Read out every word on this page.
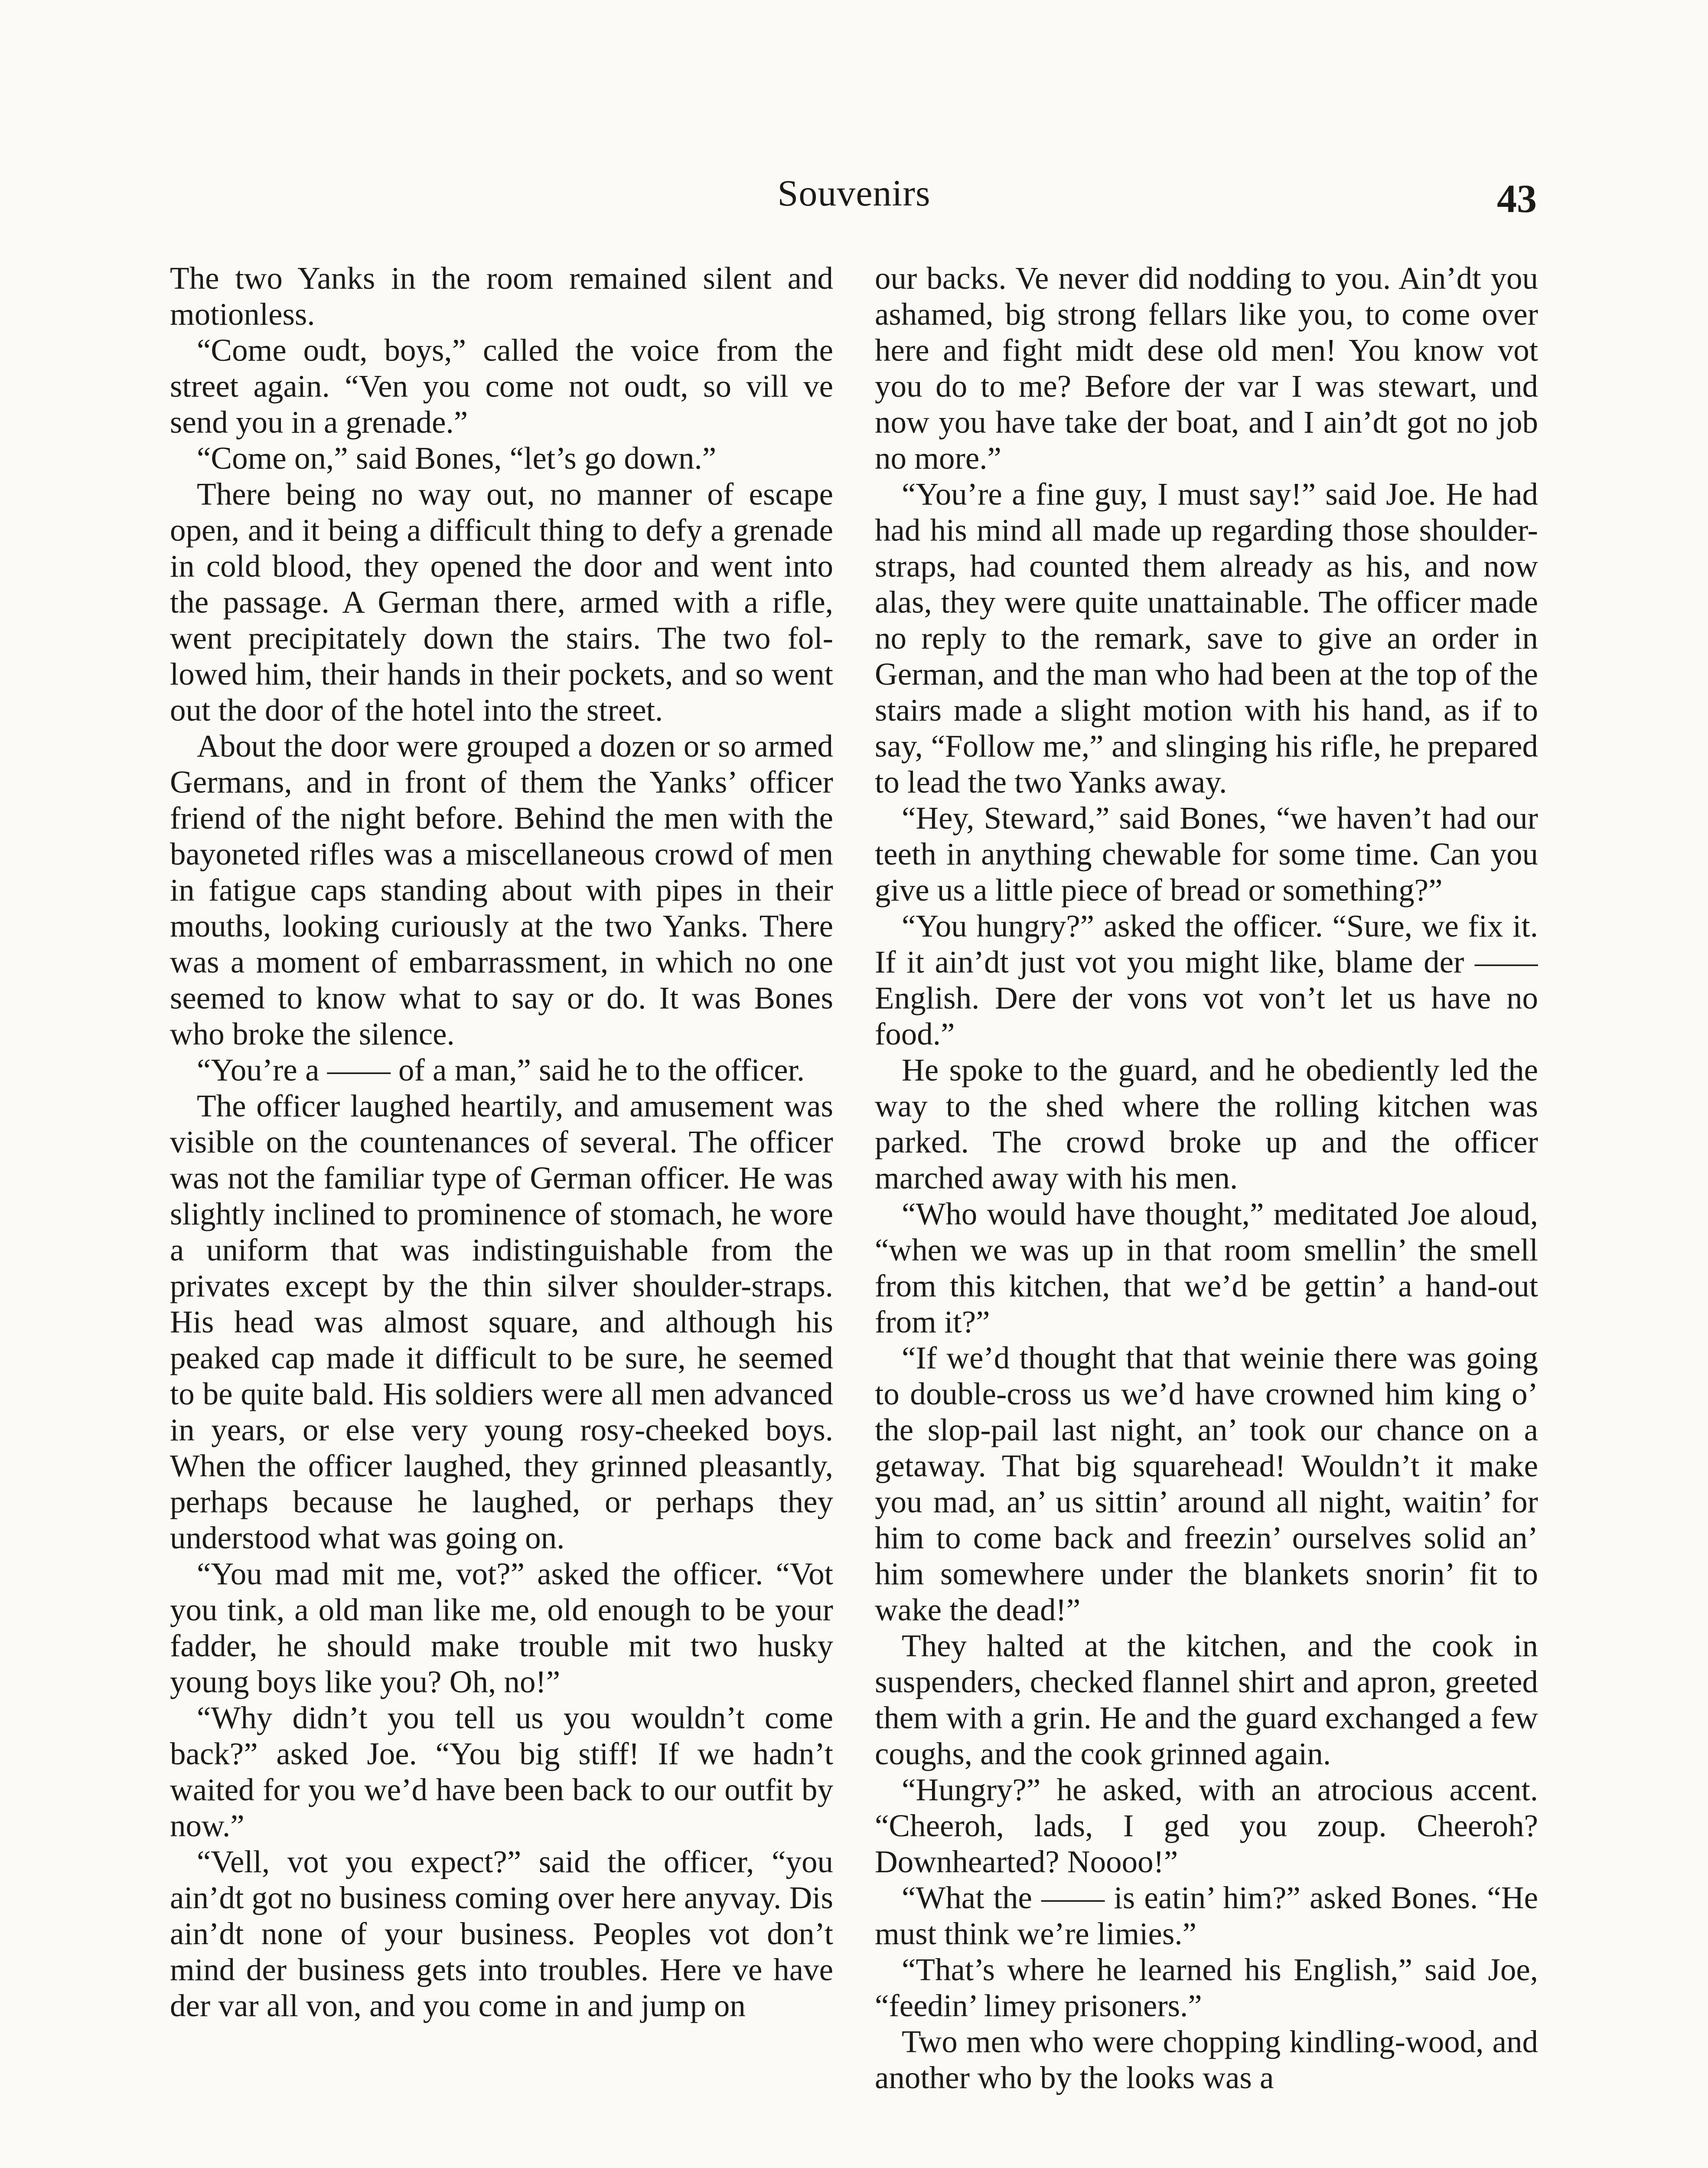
Souvenirs	43

The two Yanks in the room remained silent and motionless.

“Come oudt, boys,” called the voice from the street again. “Ven you come not oudt, so vill ve send you in a grenade.”

“Come on,” said Bones, “let’s go down.”

There being no way out, no manner of escape open, and it being a difficult thing to defy a grenade in cold blood, they opened the door and went into the passage. A German there, armed with a rifle, went precipitately down the stairs. The two followed him, their hands in their pockets, and so went out the door of the hotel into the street.

About the door were grouped a dozen or so armed Germans, and in front of them the Yanks’ officer friend of the night before. Behind the men with the bayoneted rifles was a miscellaneous crowd of men in fatigue caps standing about with pipes in their mouths, looking curiously at the two Yanks. There was a moment of embarrassment, in which no one seemed to know what to say or do. It was Bones who broke the silence.

“You’re a —— of a man,” said he to the officer.

The officer laughed heartily, and amusement was visible on the countenances of several. The officer was not the familiar type of German officer. He was slightly inclined to prominence of stomach, he wore a uniform that was indistinguishable from the privates except by the thin silver shoulder-straps. His head was almost square, and although his peaked cap made it difficult to be sure, he seemed to be quite bald. His soldiers were all men advanced in years, or else very young rosy-cheeked boys. When the officer laughed, they grinned pleasantly, perhaps because he laughed, or perhaps they understood what was going on.

“You mad mit me, vot?” asked the officer. “Vot you tink, a old man like me, old enough to be your fadder, he should make trouble mit two husky young boys like you? Oh, no!”

“Why didn’t you tell us you wouldn’t come back?” asked Joe. “You big stiff! If we hadn’t waited for you we’d have been back to our outfit by now.”

“Vell, vot you expect?” said the officer, “you ain’dt got no business coming over here anyvay. Dis ain’dt none of your business. Peoples vot don’t mind der business gets into troubles. Here ve have der var all von, and you come in and jump on

our backs. Ve never did nodding to you. Ain’dt you ashamed, big strong fellars like you, to come over here and fight midt dese old men! You know vot you do to me? Before der var I was stewart, und now you have take der boat, and I ain’dt got no job no more.”

“You’re a fine guy, I must say!” said Joe. He had had his mind all made up regarding those shoulder-straps, had counted them already as his, and now alas, they were quite unattainable. The officer made no reply to the remark, save to give an order in German, and the man who had been at the top of the stairs made a slight motion with his hand, as if to say, “Follow me,” and slinging his rifle, he prepared to lead the two Yanks away.

“Hey, Steward,” said Bones, “we haven’t had our teeth in anything chewable for some time. Can you give us a little piece of bread or something?”

“You hungry?” asked the officer. “Sure, we fix it. If it ain’dt just vot you might like, blame der —— English. Dere der vons vot von’t let us have no food.”

He spoke to the guard, and he obediently led the way to the shed where the rolling kitchen was parked. The crowd broke up and the officer marched away with his men.

“Who would have thought,” meditated Joe aloud, “when we was up in that room smellin’ the smell from this kitchen, that we’d be gettin’ a hand-out from it?”

“If we’d thought that that weinie there was going to double-cross us we’d have crowned him king o’ the slop-pail last night, an’ took our chance on a getaway. That big squarehead! Wouldn’t it make you mad, an’ us sittin’ around all night, waitin’ for him to come back and freezin’ ourselves solid an’ him somewhere under the blankets snorin’ fit to wake the dead!”

They halted at the kitchen, and the cook in suspenders, checked flannel shirt and apron, greeted them with a grin. He and the guard exchanged a few coughs, and the cook grinned again.

“Hungry?” he asked, with an atrocious accent. “Cheeroh, lads, I ged you zoup. Cheeroh? Downhearted? Noooo!”

“What the —— is eatin’ him?” asked Bones. “He must think we’re limies.”

“That’s where he learned his English,” said Joe, “feedin’ limey prisoners.”

Two men who were chopping kindling-wood, and another who by the looks was a
